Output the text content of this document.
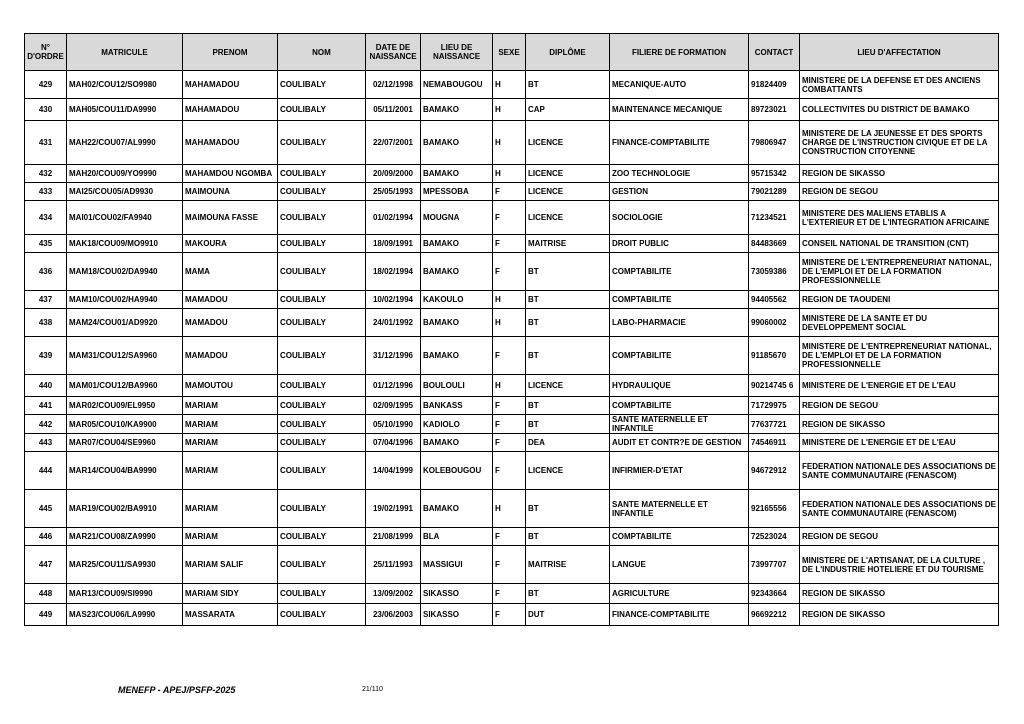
N° D'ORDRE	MATRICULE	PRENOM	NOM	DATE DE NAISSANCE	LIEU DE NAISSANCE	SEXE	DIPLÔME	FILIERE DE FORMATION	CONTACT	LIEU D'AFFECTATION
429	MAH02/COU12/SO9980	MAHAMADOU	COULIBALY	02/12/1998	NEMABOUGOU	H	BT	MECANIQUE-AUTO	91824409	MINISTERE DE LA DEFENSE ET DES ANCIENS COMBATTANTS
430	MAH05/COU11/DA9990	MAHAMADOU	COULIBALY	05/11/2001	BAMAKO	H	CAP	MAINTENANCE MECANIQUE	89723021	COLLECTIVITES DU DISTRICT DE BAMAKO
431	MAH22/COU07/AL9990	MAHAMADOU	COULIBALY	22/07/2001	BAMAKO	H	LICENCE	FINANCE-COMPTABILITE	79806947	MINISTERE DE LA JEUNESSE ET DES SPORTS CHARGE DE L'INSTRUCTION CIVIQUE ET DE LA CONSTRUCTION CITOYENNE
432	MAH20/COU09/YO9990	MAHAMDOU NGOMBA	COULIBALY	20/09/2000	BAMAKO	H	LICENCE	ZOO TECHNOLOGIE	95715342	REGION DE SIKASSO
433	MAI25/COU05/AD9930	MAIMOUNA	COULIBALY	25/05/1993	MPESSOBA	F	LICENCE	GESTION	79021289	REGION DE SEGOU
434	MAI01/COU02/FA9940	MAIMOUNA FASSE	COULIBALY	01/02/1994	MOUGNA	F	LICENCE	SOCIOLOGIE	71234521	MINISTERE DES MALIENS ETABLIS A L'EXTERIEUR ET DE L'INTEGRATION AFRICAINE
435	MAK18/COU09/MO9910	MAKOURA	COULIBALY	18/09/1991	BAMAKO	F	MAITRISE	DROIT PUBLIC	84483669	CONSEIL NATIONAL DE TRANSITION (CNT)
436	MAM18/COU02/DA9940	MAMA	COULIBALY	18/02/1994	BAMAKO	F	BT	COMPTABILITE	73059386	MINISTERE DE L'ENTREPRENEURIAT NATIONAL, DE L'EMPLOI ET DE LA FORMATION PROFESSIONNELLE
437	MAM10/COU02/HA9940	MAMADOU	COULIBALY	10/02/1994	KAKOULO	H	BT	COMPTABILITE	94405562	REGION DE TAOUDENI
438	MAM24/COU01/AD9920	MAMADOU	COULIBALY	24/01/1992	BAMAKO	H	BT	LABO-PHARMACIE	99060002	MINISTERE DE LA SANTE ET DU DEVELOPPEMENT SOCIAL
439	MAM31/COU12/SA9960	MAMADOU	COULIBALY	31/12/1996	BAMAKO	F	BT	COMPTABILITE	91185670	MINISTERE DE L'ENTREPRENEURIAT NATIONAL, DE L'EMPLOI ET DE LA FORMATION PROFESSIONNELLE
440	MAM01/COU12/BA9960	MAMOUTOU	COULIBALY	01/12/1996	BOULOULI	H	LICENCE	HYDRAULIQUE	90214745 6	MINISTERE DE L'ENERGIE ET DE L'EAU
441	MAR02/COU09/EL9950	MARIAM	COULIBALY	02/09/1995	BANKASS	F	BT	COMPTABILITE	71729975	REGION DE SEGOU
442	MAR05/COU10/KA9900	MARIAM	COULIBALY	05/10/1990	KADIOLO	F	BT	SANTE MATERNELLE ET INFANTILE	77637721	REGION DE SIKASSO
443	MAR07/COU04/SE9960	MARIAM	COULIBALY	07/04/1996	BAMAKO	F	DEA	AUDIT ET CONTR?E DE GESTION	74546911	MINISTERE DE L'ENERGIE ET DE L'EAU
444	MAR14/COU04/BA9990	MARIAM	COULIBALY	14/04/1999	KOLEBOUGOU	F	LICENCE	INFIRMIER-D'ETAT	94672912	FEDERATION NATIONALE DES ASSOCIATIONS DE SANTE COMMUNAUTAIRE (FENASCOM)
445	MAR19/COU02/BA9910	MARIAM	COULIBALY	19/02/1991	BAMAKO	H	BT	SANTE MATERNELLE ET INFANTILE	92165556	FEDERATION NATIONALE DES ASSOCIATIONS DE SANTE COMMUNAUTAIRE (FENASCOM)
446	MAR21/COU08/ZA9990	MARIAM	COULIBALY	21/08/1999	BLA	F	BT	COMPTABILITE	72523024	REGION DE SEGOU
447	MAR25/COU11/SA9930	MARIAM SALIF	COULIBALY	25/11/1993	MASSIGUI	F	MAITRISE	LANGUE	73997707	MINISTERE DE L'ARTISANAT, DE LA CULTURE , DE L'INDUSTRIE HOTELIERE ET DU TOURISME
448	MAR13/COU09/SI9990	MARIAM SIDY	COULIBALY	13/09/2002	SIKASSO	F	BT	AGRICULTURE	92343664	REGION DE SIKASSO
449	MAS23/COU06/LA9990	MASSARATA	COULIBALY	23/06/2003	SIKASSO	F	DUT	FINANCE-COMPTABILITE	96692212	REGION DE SIKASSO
MENEFP - APEJ/PSFP-2025	21/110
